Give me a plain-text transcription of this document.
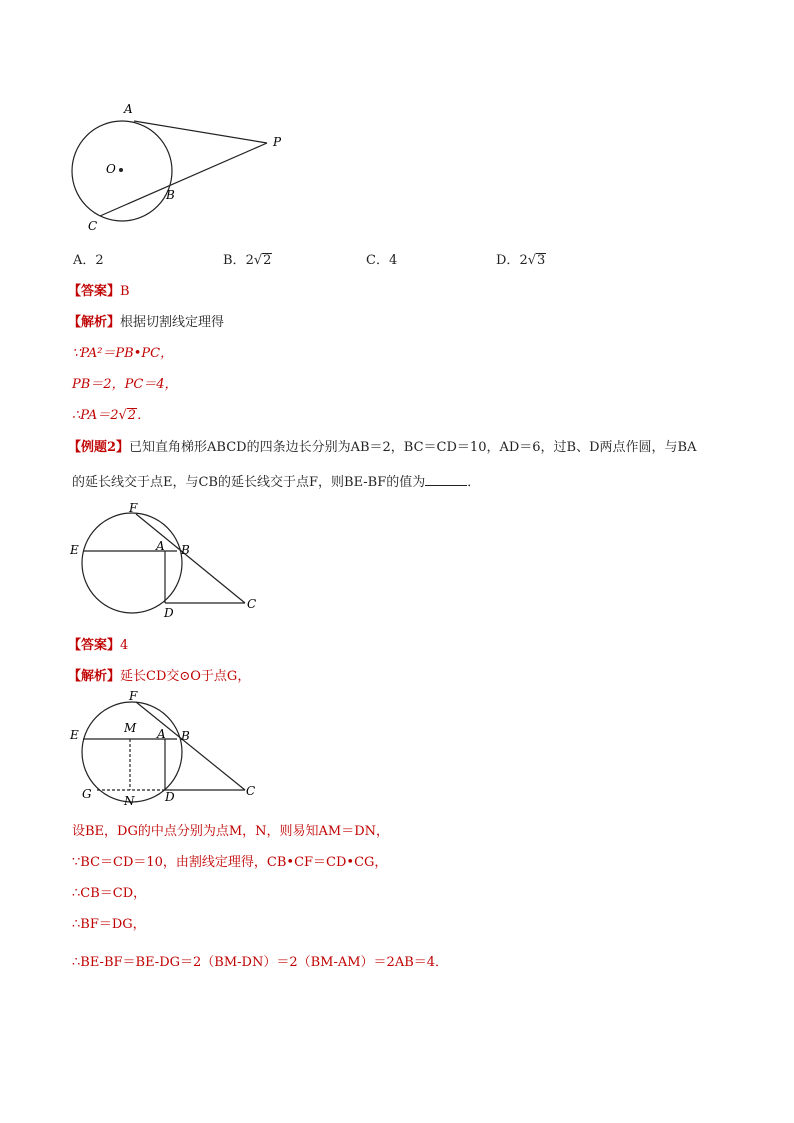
A
P
O
B
C
A．2	B．2√2	C．4	D．2√3
【答案】B
【解析】根据切割线定理得
∵PA²＝PB•PC，
PB＝2，PC＝4，
∴PA＝2√2．
【例题2】已知直角梯形ABCD的四条边长分别为AB＝2，BC＝CD＝10，AD＝6，过B、D两点作圆，与BA
的延长线交于点E，与CB的延长线交于点F，则BE-BF的值为	．
F
E	A B
D
C
【答案】4
【解析】延长CD交⊙O于点G，
F
E	M A B
G	N	D	C
设BE，DG的中点分别为点M，N，则易知AM＝DN，
∵BC＝CD＝10，由割线定理得，CB•CF＝CD•CG，
∴CB＝CD，
∴BF＝DG，
∴BE-BF＝BE-DG＝2（BM-DN）＝2（BM-AM）＝2AB＝4．
